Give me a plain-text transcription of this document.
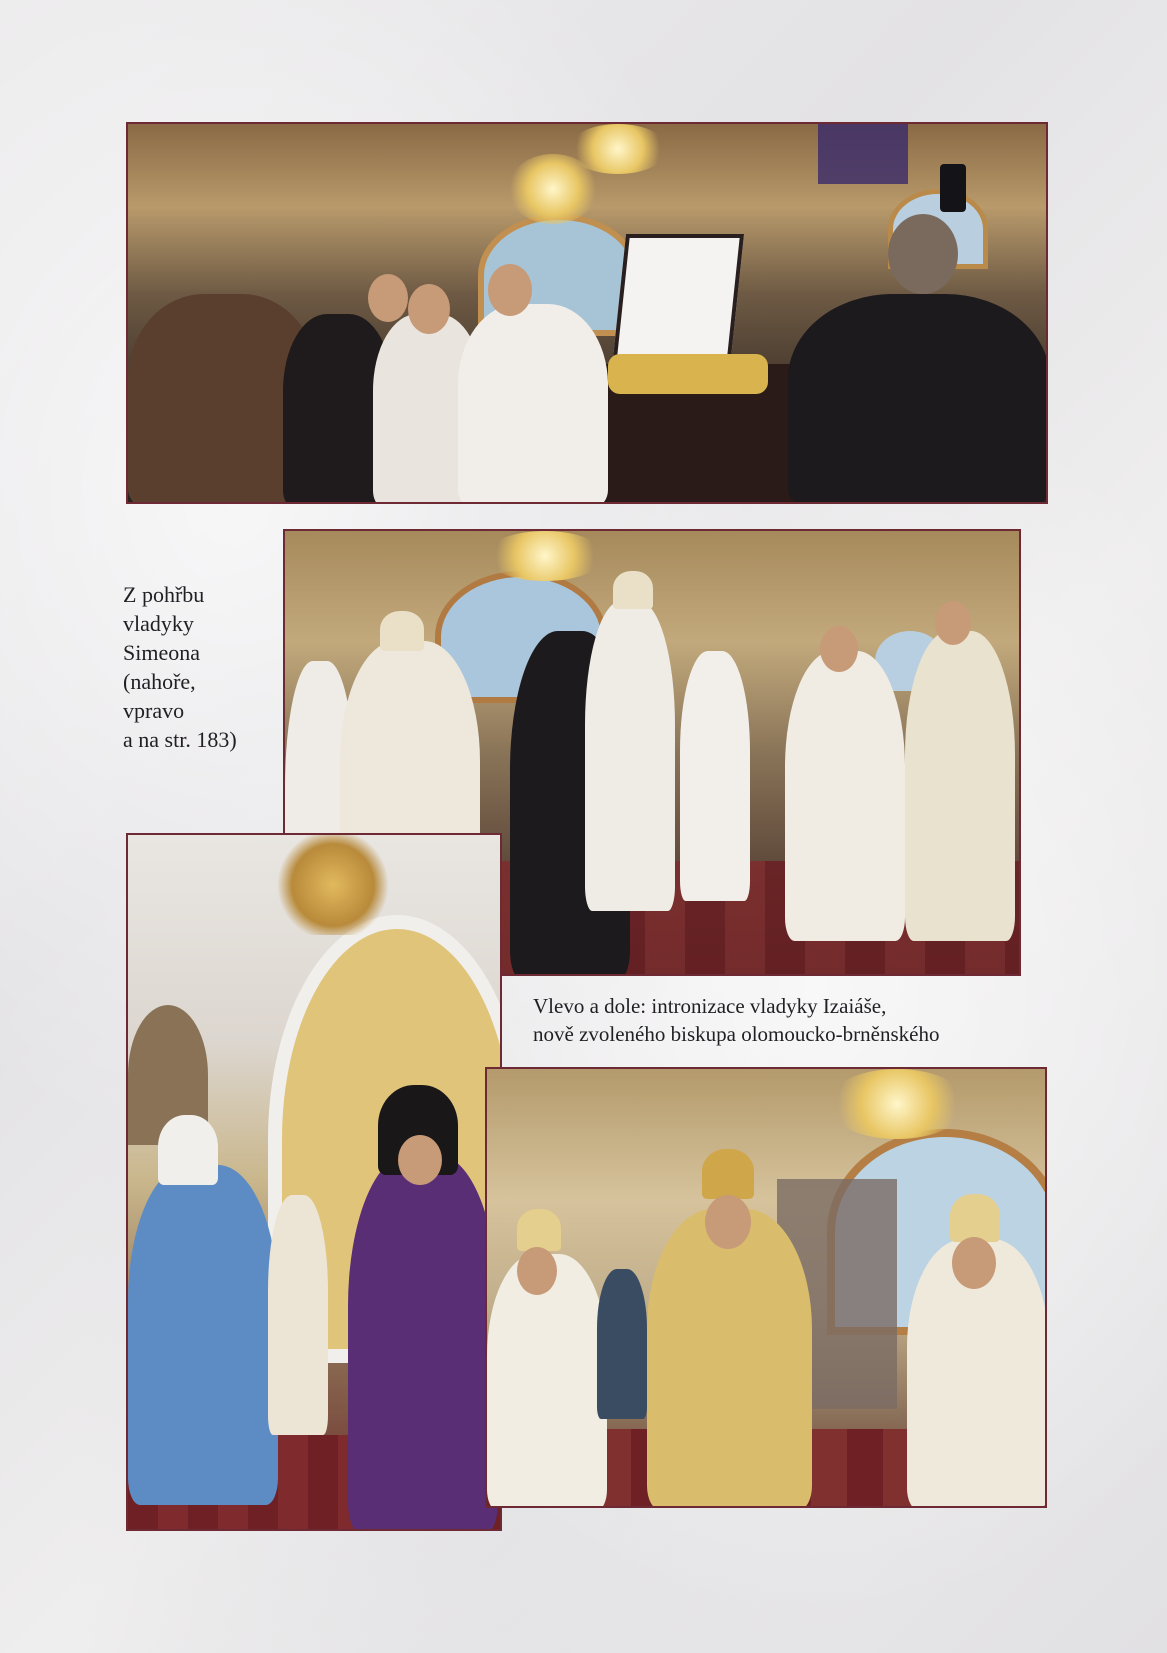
Z pohřbu
vladyky
Simeona
(nahoře,
vpravo
a na str. 183)
Vlevo a dole: intronizace vladyky Izaiáše,
nově zvoleného biskupa olomoucko-brněnského
